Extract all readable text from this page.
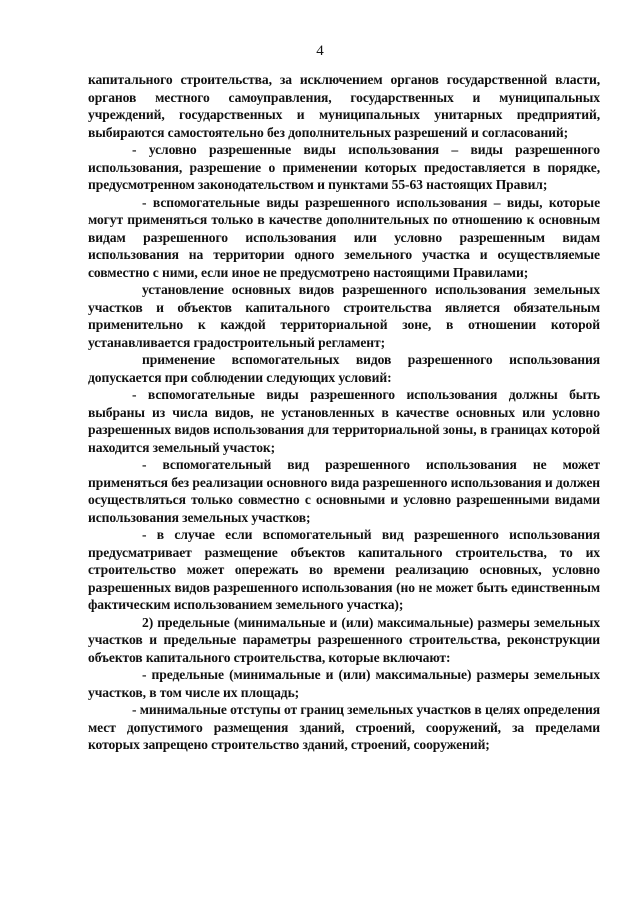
4

капитального строительства, за исключением органов государственной власти, органов местного самоуправления, государственных и муниципальных учреждений, государственных и муниципальных унитарных предприятий, выбираются самостоятельно без дополнительных разрешений и согласований;

- условно разрешенные виды использования – виды разрешенного использования, разрешение о применении которых предоставляется в порядке, предусмотренном законодательством и пунктами 55-63 настоящих Правил;

- вспомогательные виды разрешенного использования – виды, которые могут применяться только в качестве дополнительных по отношению к основным видам разрешенного использования или условно разрешенным видам использования на территории одного земельного участка и осуществляемые совместно с ними, если иное не предусмотрено настоящими Правилами;

установление основных видов разрешенного использования земельных участков и объектов капитального строительства является обязательным применительно к каждой территориальной зоне, в отношении которой устанавливается градостроительный регламент;

применение вспомогательных видов разрешенного использования допускается при соблюдении следующих условий:

- вспомогательные виды разрешенного использования должны быть выбраны из числа видов, не установленных в качестве основных или условно разрешенных видов использования для территориальной зоны, в границах которой находится земельный участок;

- вспомогательный вид разрешенного использования не может применяться без реализации основного вида разрешенного использования и должен осуществляться только совместно с основными и условно разрешенными видами использования земельных участков;

- в случае если вспомогательный вид разрешенного использования предусматривает размещение объектов капитального строительства, то их строительство может опережать во времени реализацию основных, условно разрешенных видов разрешенного использования (но не может быть единственным фактическим использованием земельного участка);

2) предельные (минимальные и (или) максимальные) размеры земельных участков и предельные параметры разрешенного строительства, реконструкции объектов капитального строительства, которые включают:

- предельные (минимальные и (или) максимальные) размеры земельных участков, в том числе их площадь;

- минимальные отступы от границ земельных участков в целях определения мест допустимого размещения зданий, строений, сооружений, за пределами которых запрещено строительство зданий, строений, сооружений;
